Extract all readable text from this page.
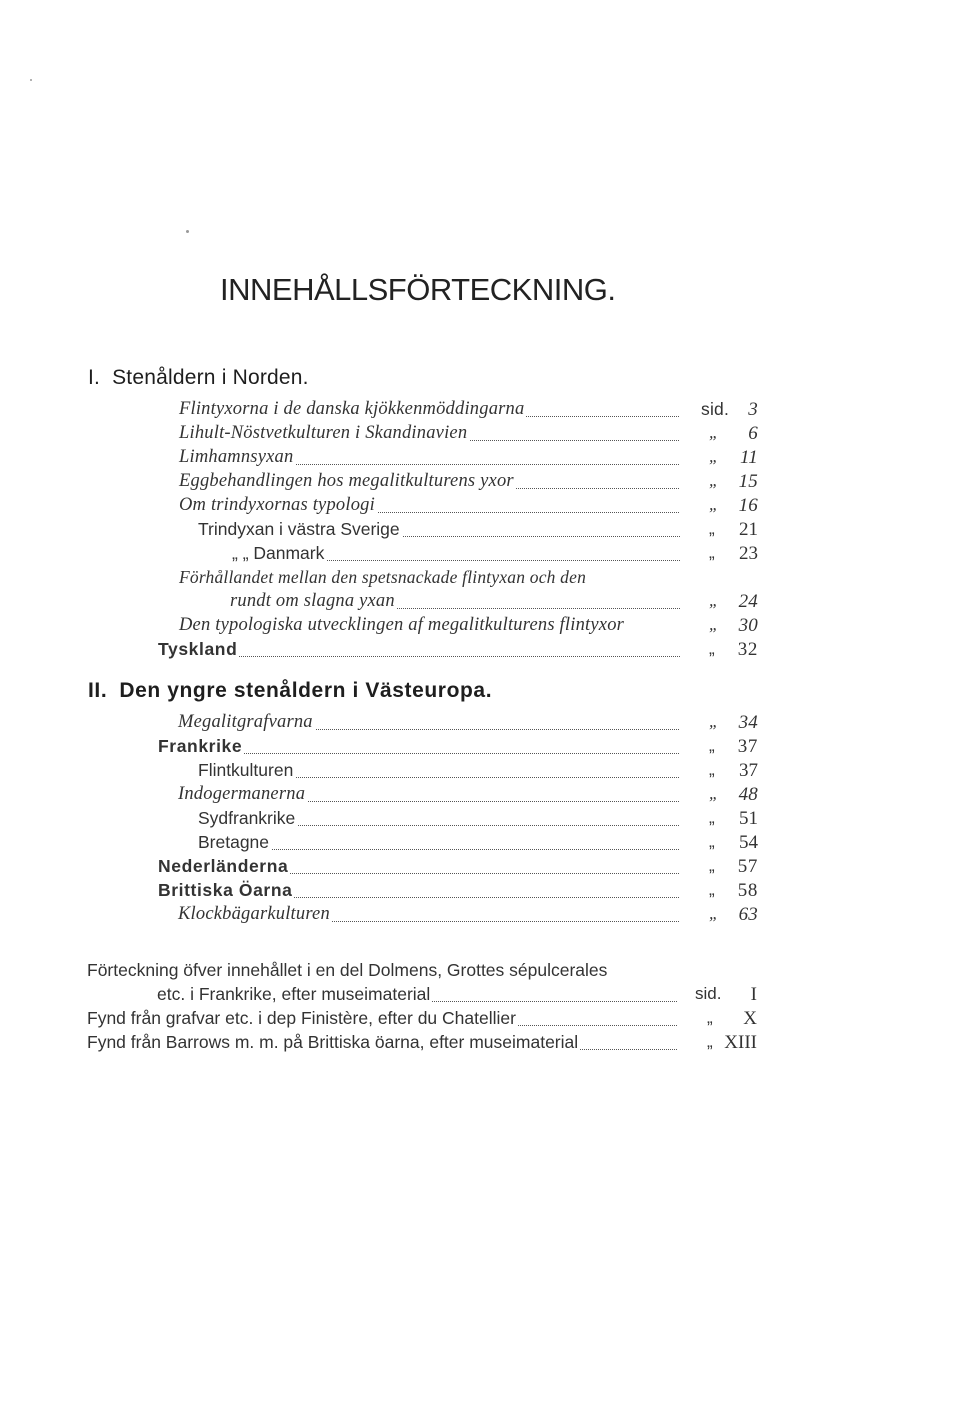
INNEHÅLLSFÖRTECKNING.
I. Stenåldern i Norden.
Flintyxorna i de danska kjökkenmöddingarna	sid. 3
Lihult-Nöstvetkulturen i Skandinavien	„ 6
Limhamnsyxan	„ 11
Eggbehandlingen hos megalitkulturens yxor	„ 15
Om trindyxornas typologi	„ 16
Trindyxan i västra Sverige	„ 21
„ „ Danmark	„ 23
Förhållandet mellan den spetsnackade flintyxan och den
rundt om slagna yxan	„ 24
Den typologiska utvecklingen af megalitkulturens flintyxor	„ 30
Tyskland	„ 32
II. Den yngre stenåldern i Västeuropa.
Megalitgrafvarna	„ 34
Frankrike	„ 37
Flintkulturen	„ 37
Indogermanerna	„ 48
Sydfrankrike	„ 51
Bretagne	„ 54
Nederländerna	„ 57
Brittiska Öarna	„ 58
Klockbägarkulturen	„ 63
Förteckning öfver innehållet i en del Dolmens, Grottes sépulcerales
etc. i Frankrike, efter museimaterial	sid. I
Fynd från grafvar etc. i dep Finistère, efter du Chatellier	„ X
Fynd från Barrows m. m. på Brittiska öarna, efter museimaterial	„ XIII
